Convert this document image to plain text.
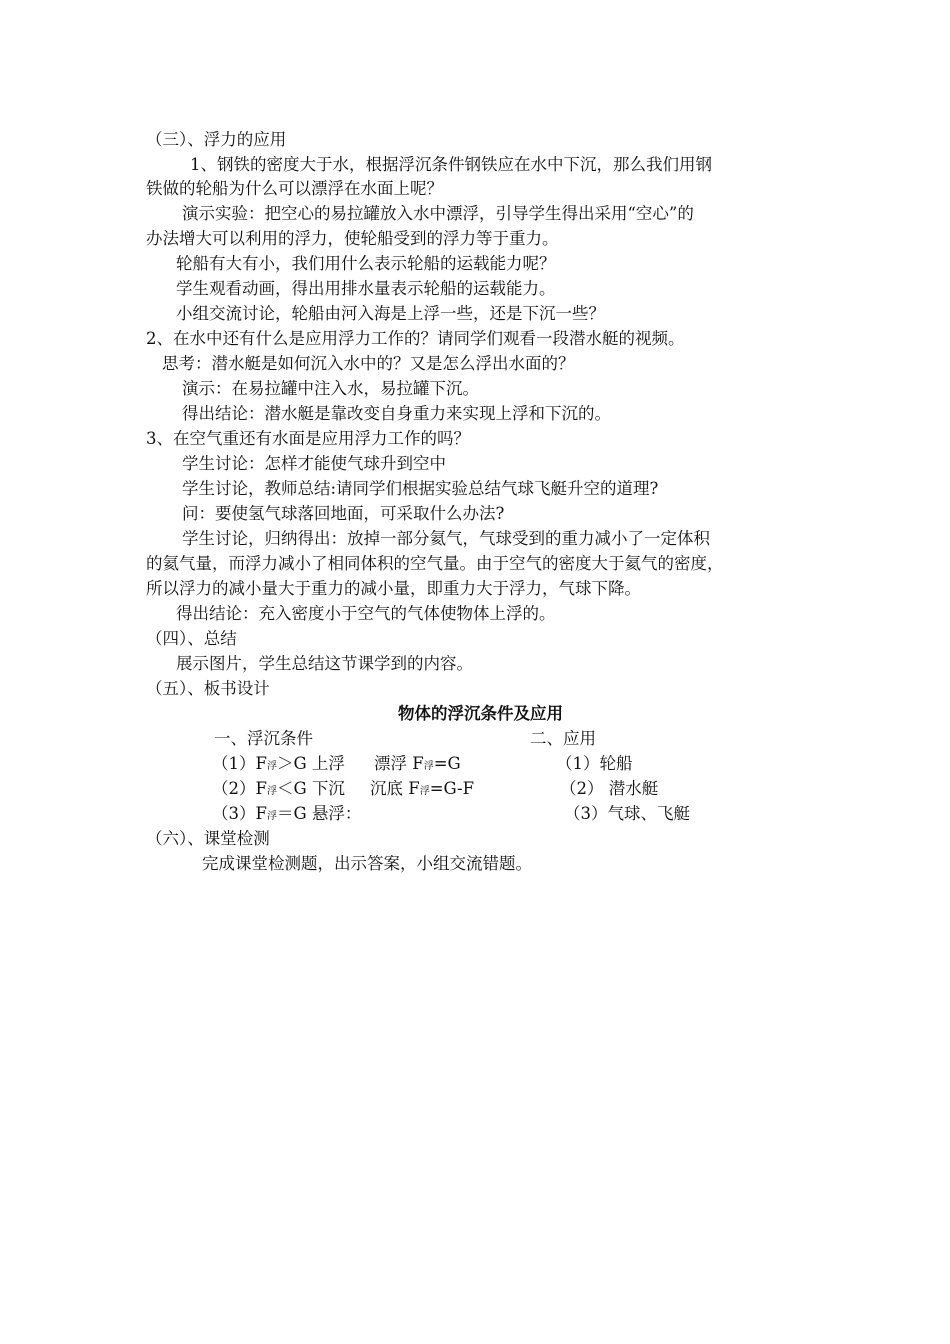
（三）、浮力的应用
1、钢铁的密度大于水，根据浮沉条件钢铁应在水中下沉，那么我们用钢
铁做的轮船为什么可以漂浮在水面上呢？
演示实验：把空心的易拉罐放入水中漂浮，引导学生得出采用“空心”的
办法增大可以利用的浮力，使轮船受到的浮力等于重力。
轮船有大有小，我们用什么表示轮船的运载能力呢？
学生观看动画，得出用排水量表示轮船的运载能力。
小组交流讨论，轮船由河入海是上浮一些，还是下沉一些？
2、在水中还有什么是应用浮力工作的？请同学们观看一段潜水艇的视频。
思考：潜水艇是如何沉入水中的？又是怎么浮出水面的？
演示：在易拉罐中注入水，易拉罐下沉。
得出结论：潜水艇是靠改变自身重力来实现上浮和下沉的。
3、在空气重还有水面是应用浮力工作的吗？
学生讨论：怎样才能使气球升到空中
学生讨论，教师总结:请同学们根据实验总结气球飞艇升空的道理?
问：要使氢气球落回地面，可采取什么办法?
学生讨论，归纳得出：放掉一部分氦气，气球受到的重力减小了一定体积
的氦气量，而浮力减小了相同体积的空气量。由于空气的密度大于氦气的密度，
所以浮力的减小量大于重力的减小量，即重力大于浮力，气球下降。
得出结论：充入密度小于空气的气体使物体上浮的。
（四）、总结
展示图片，学生总结这节课学到的内容。
（五）、板书设计
物体的浮沉条件及应用
一、浮沉条件	二、应用
（1）F浮＞G 上浮 漂浮 F浮=G	（1）轮船
（2）F浮＜G 下沉 沉底 F浮=G-F	（2） 潜水艇
（3）F浮＝G 悬浮：	（3）气球、飞艇
（六）、课堂检测
完成课堂检测题，出示答案，小组交流错题。
